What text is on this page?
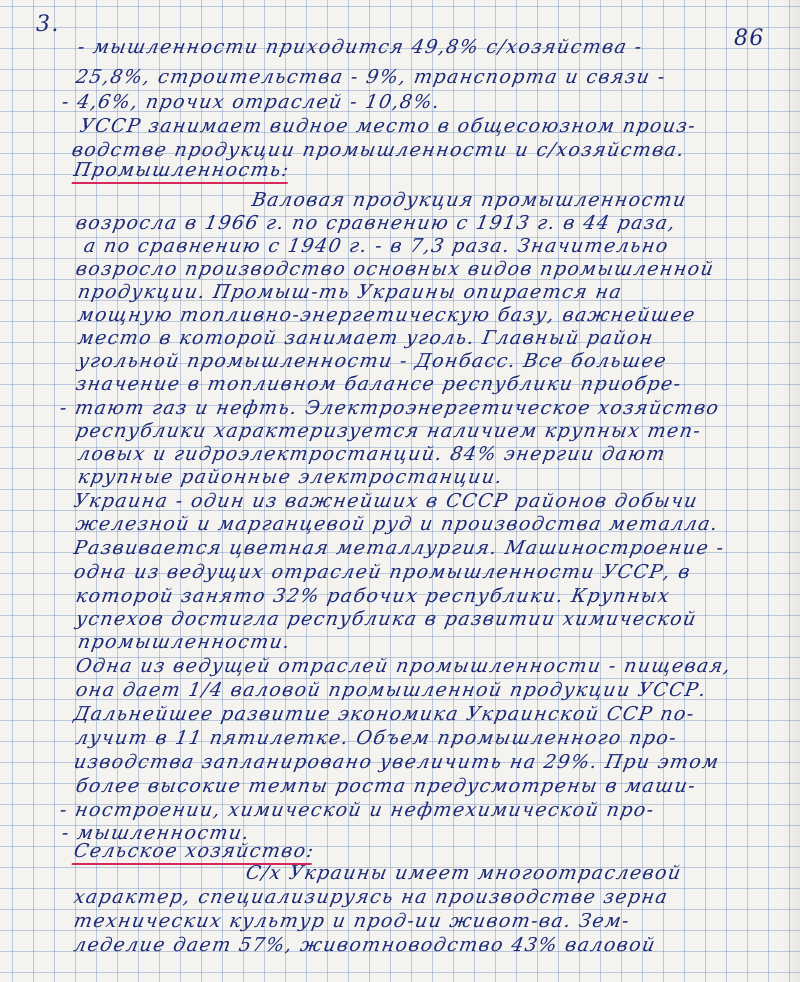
3.
86
- мышленности приходится 49,8% с/хозяйства -
25,8%, строительства - 9%, транспорта и связи -
- 4,6%, прочих отраслей - 10,8%.
УССР занимает видное место в общесоюзном произ-
водстве продукции промышленности и с/хозяйства.
Промышленность:
Валовая продукция промышленности
возросла в 1966 г. по сравнению с 1913 г. в 44 раза,
а по сравнению с 1940 г. - в 7,3 раза. Значительно
возросло производство основных видов промышленной
продукции. Промыш-ть Украины опирается на
мощную топливно-энергетическую базу, важнейшее
место в которой занимает уголь. Главный район
угольной промышленности - Донбасс. Все большее
значение в топливном балансе республики приобре-
- тают газ и нефть. Электроэнергетическое хозяйство
республики характеризуется наличием крупных теп-
ловых и гидроэлектростанций. 84% энергии дают
крупные районные электростанции.
Украина - один из важнейших в СССР районов добычи
железной и марганцевой руд и производства металла.
Развивается цветная металлургия. Машиностроение -
одна из ведущих отраслей промышленности УССР, в
которой занято 32% рабочих республики. Крупных
успехов достигла республика в развитии химической
промышленности.
Одна из ведущей отраслей промышленности - пищевая,
она дает 1/4 валовой промышленной продукции УССР.
Дальнейшее развитие экономика Украинской ССР по-
лучит в 11 пятилетке. Объем промышленного про-
изводства запланировано увеличить на 29%. При этом
более высокие темпы роста предусмотрены в маши-
- ностроении, химической и нефтехимической про-
- мышленности.
Сельское хозяйство:
С/х Украины имеет многоотраслевой
характер, специализируясь на производстве зерна
технических культур и прод-ии живот-ва. Зем-
леделие дает 57%, животноводство 43% валовой
